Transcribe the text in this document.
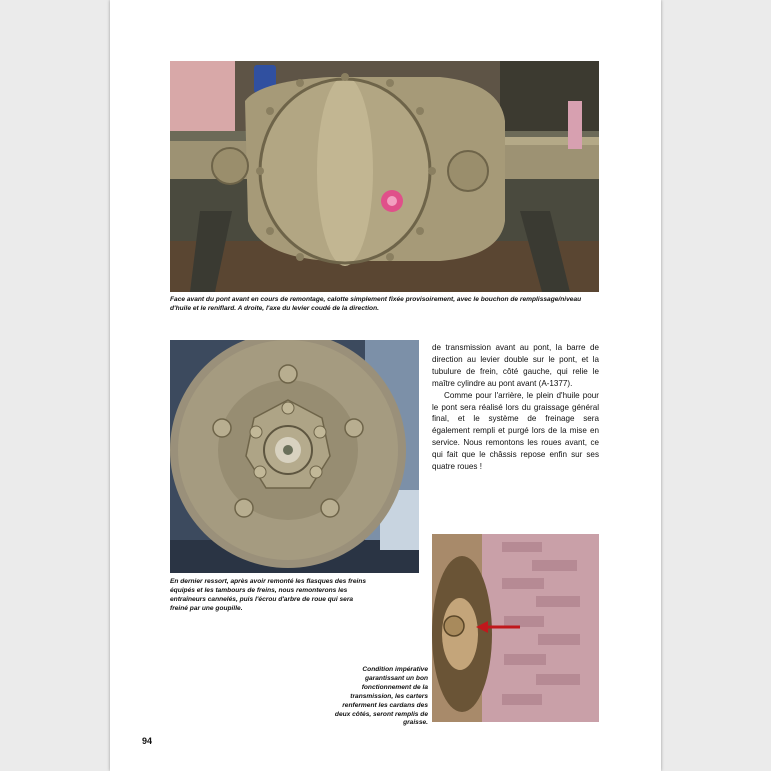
Face avant du pont avant en cours de remontage, calotte simplement fixée provisoirement, avec le bouchon de remplissage/niveau d'huile et le reniflard. A droite, l'axe du levier coudé de la direction.
En dernier ressort, après avoir remonté les flasques des freins équipés et les tambours de freins, nous remonterons les entraîneurs cannelés, puis l'écrou d'arbre de roue qui sera freiné par une goupille.

de transmission avant au pont, la barre de direction au levier double sur le pont, et la tubulure de frein, côté gauche, qui relie le maître cylindre au pont avant (A-1377).

Comme pour l'arrière, le plein d'huile pour le pont sera réalisé lors du graissage général final, et le système de freinage sera également rempli et purgé lors de la mise en service. Nous remontons les roues avant, ce qui fait que le châssis repose enfin sur ses quatre roues !

Condition impérative garantissant un bon fonctionnement de la transmission, les carters renferment les cardans des deux côtés, seront remplis de graisse.
94
